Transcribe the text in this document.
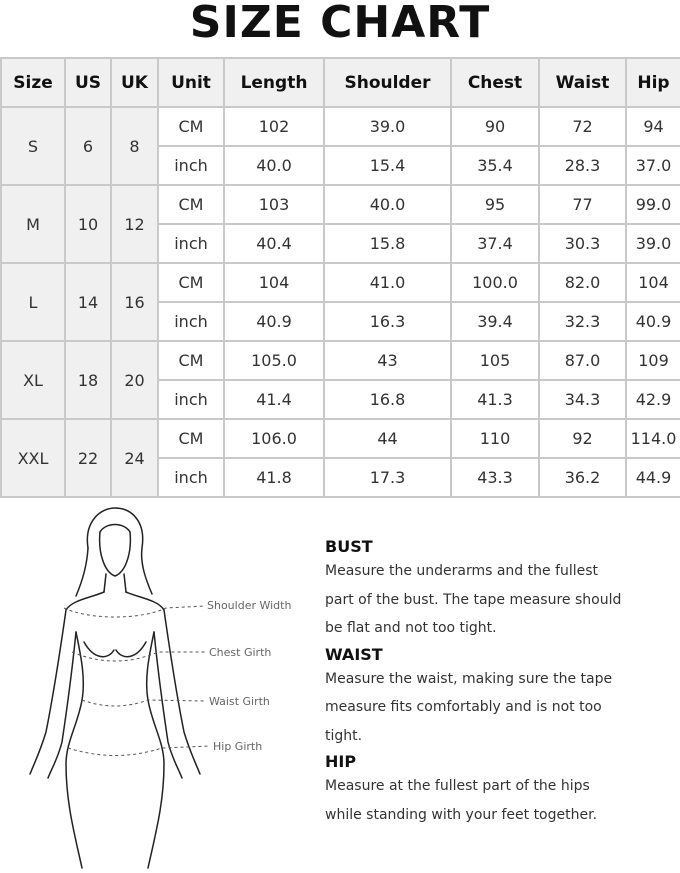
SIZE CHART
Size	US	UK	Unit	Length	Shoulder	Chest	Waist	Hip
S	6	8	CM	102	39.0	90	72	94
			inch	40.0	15.4	35.4	28.3	37.0
M	10	12	CM	103	40.0	95	77	99.0
			inch	40.4	15.8	37.4	30.3	39.0
L	14	16	CM	104	41.0	100.0	82.0	104
			inch	40.9	16.3	39.4	32.3	40.9
XL	18	20	CM	105.0	43	105	87.0	109
			inch	41.4	16.8	41.3	34.3	42.9
XXL	22	24	CM	106.0	44	110	92	114.0
			inch	41.8	17.3	43.3	36.2	44.9
Shoulder Width
Chest Girth
Waist Girth
Hip Girth
BUST

Measure the underarms and the fullest

part of the bust. The tape measure should

be flat and not too tight.

WAIST

Measure the waist, making sure the tape

measure fits comfortably and is not too

tight.

HIP

Measure at the fullest part of the hips

while standing with your feet together.
